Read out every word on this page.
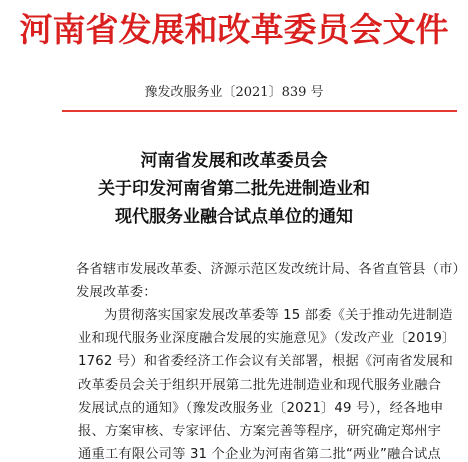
河南省发展和改革委员会文件
豫发改服务业〔2021〕839 号
河南省发展和改革委员会
关于印发河南省第二批先进制造业和
现代服务业融合试点单位的通知
各省辖市发展改革委、济源示范区发改统计局、各省直管县（市）
发展改革委：
为贯彻落实国家发展改革委等 15 部委《关于推动先进制造
业和现代服务业深度融合发展的实施意见》（发改产业〔2019〕
1762 号）和省委经济工作会议有关部署，根据《河南省发展和
改革委员会关于组织开展第二批先进制造业和现代服务业融合
发展试点的通知》（豫发改服务业〔2021〕49 号），经各地申
报、方案审核、专家评估、方案完善等程序，研究确定郑州宇
通重工有限公司等 31 个企业为河南省第二批“两业”融合试点
